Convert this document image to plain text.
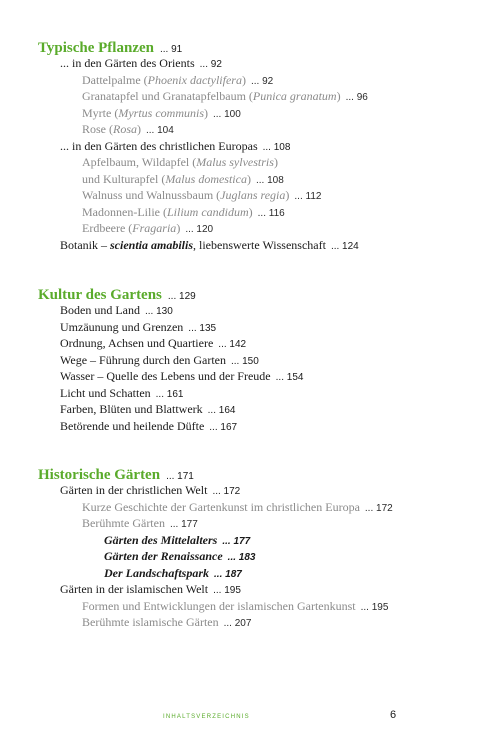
Typische Pflanzen ... 91
... in den Gärten des Orients ... 92
Dattelpalme (Phoenix dactylifera) ... 92
Granatapfel und Granatapfelbaum (Punica granatum) ... 96
Myrte (Myrtus communis) ... 100
Rose (Rosa) ... 104
... in den Gärten des christlichen Europas ... 108
Apfelbaum, Wildapfel (Malus sylvestris)
und Kulturapfel (Malus domestica) ... 108
Walnuss und Walnussbaum (Juglans regia) ... 112
Madonnen-Lilie (Lilium candidum) ... 116
Erdbeere (Fragaria) ... 120
Botanik – scientia amabilis, liebenswerte Wissenschaft ... 124
Kultur des Gartens ... 129
Boden und Land ... 130
Umzäunung und Grenzen ... 135
Ordnung, Achsen und Quartiere ... 142
Wege – Führung durch den Garten ... 150
Wasser – Quelle des Lebens und der Freude ... 154
Licht und Schatten ... 161
Farben, Blüten und Blattwerk ... 164
Betörende und heilende Düfte ... 167
Historische Gärten ... 171
Gärten in der christlichen Welt ... 172
Kurze Geschichte der Gartenkunst im christlichen Europa ... 172
Berühmte Gärten ... 177
Gärten des Mittelalters ... 177
Gärten der Renaissance ... 183
Der Landschaftspark ... 187
Gärten in der islamischen Welt ... 195
Formen und Entwicklungen der islamischen Gartenkunst ... 195
Berühmte islamische Gärten ... 207
INHALTSVERZEICHNIS	6
